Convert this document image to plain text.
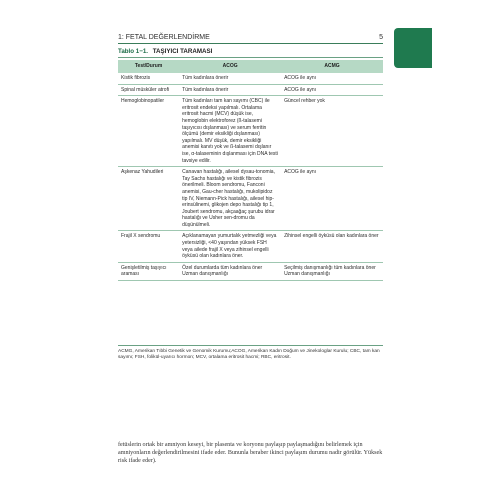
1: FETAL DEĞERLENDİRME	5
Tablo 1−1. TAŞIYICI TARAMASI
Test/Durum	ACOG	ACMG
Kistik fibrozis	Tüm kadınlara önerir	ACOG ile aynı
Spinal müsküler atrofi	Tüm kadınlara önerir	ACOG ile aynı
Hemoglobinopatiler	Tüm kadınları tam kan sayımı (CBC) ile eritrosit endeksi yapılmalı. Ortalama eritrosit hacmi (MCV) düşük ise, hemoglobin elektroforez (ß-talasemi taşıyıcısı dışlanması) ve serum ferritin ölçümü (demir eksikliği dışlanması) yapılmalı. MV düşük, demir eksikliği anemisi kanıtı yok ve ß-talasemi dışlanır ise, α-talaseminin dışlanması için DNA testi tavsiye edilir.	Güncel rehber yok
Aşkenaz Yahudileri	Canavan hastalığı, ailesel dysau-tonomia, Tay Sachs hastalığı ve kistik fibrozis önerilmeli. Bloom sendromu, Fanconi anemisi, Gau-cher hastalığı, mukolipidoz tip IV, Niemann-Pick hastalığı, ailesel hip-erinsülinemi, glikojen depo hastalığı tip 1, Joubert sendromu, akçaağaç şurubu idrar hastalığı ve Usher sen-dromu da düşünülmeli.	ACOG ile aynı
Frajil X sendromu	Açıklanamayan yumurtalık yetmezliği veya yetersizliği, <40 yaşından yüksek FSH veya ailede frajil X veya zihinsel engelli öyküsü olan kadınlara öner.	Zihinsel engelli öyküsü olan kadınlara öner
Genişletilmiş taşıyıcı araması	Özel durumlarda tüm kadınlara öner Uzman danışmanlığı	Seçilmiş danışmanlığı tüm kadınlara öner Uzman danışmanlığı
ACMG, Amerikan Tıbbi Genetik ve Genomik Kurumu;ACOG, Amerikan Kadın Doğum ve Jinekologlar Kurulu; CBC, tam kan sayımı; FSH, folikül-uyarıcı hormon; MCV, ortalama eritrosit hacmi; RBC, eritrosit.
fetüslerin ortak bir amniyon keseyi, bir plasenta ve koryonu paylaşıp paylaşmadığını belirlemek için amniyonların değerlendirilmesini ifade eder. Bununla beraber ikinci paylaşım durumu nadir görülür. Yüksek risk ifade eder).
